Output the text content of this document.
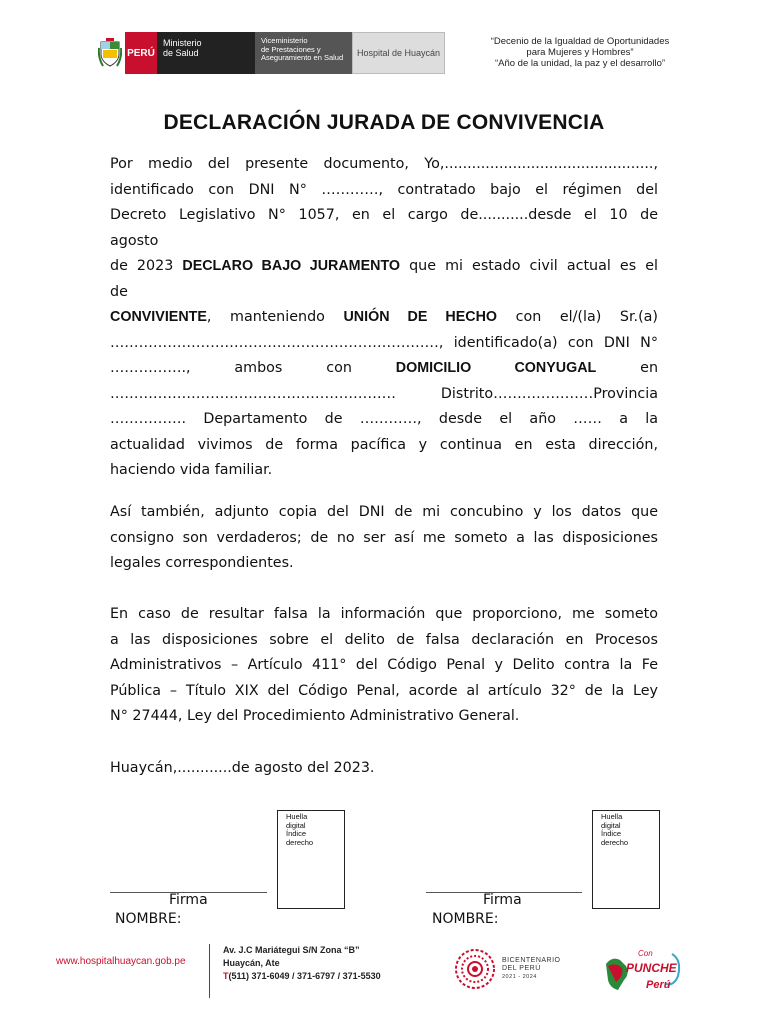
PERÚ
Ministerio
de Salud
Viceministerio
de Prestaciones y
Aseguramiento en Salud	Hospital de Huaycán
“Decenio de la Igualdad de Oportunidades
para Mujeres y Hombres”
“Año de la unidad, la paz y el desarrollo”
DECLARACIÓN JURADA DE CONVIVENCIA
Por medio del presente documento, Yo,..............................................,
identificado con DNI N° …………, contratado bajo el régimen del
Decreto Legislativo N° 1057, en el cargo de...........desde el 10 de
agosto
de 2023 DECLARO BAJO JURAMENTO que mi estado civil actual es el
de
CONVIVIENTE, manteniendo UNIÓN DE HECHO con el/(la) Sr.(a)
……………………………………………………………, identificado(a) con DNI N°
……………., ambos con DOMICILIO CONYUGAL en
…………………………………………………… Distrito…………………Provincia
……………. Departamento de …………, desde el año …… a la
actualidad vivimos de forma pacífica y continua en esta dirección,
haciendo vida familiar.
Así también, adjunto copia del DNI de mi concubino y los datos que
consigno son verdaderos; de no ser así me someto a las disposiciones
legales correspondientes.
En caso de resultar falsa la información que proporciono, me someto
a las disposiciones sobre el delito de falsa declaración en Procesos
Administrativos – Artículo 411° del Código Penal y Delito contra la Fe
Pública – Título XIX del Código Penal, acorde al artículo 32° de la Ley
N° 27444, Ley del Procedimiento Administrativo General.
Huaycán,............de agosto del 2023.
Huella
digital
Índice
derecho
Huella
digital
Índice
derecho
Firma	Firma
NOMBRE:	NOMBRE:
www.hospitalhuaycan.gob.pe
Av. J.C Mariátegui S/N Zona “B”
Huaycán, Ate
T(511) 371-6049 / 371-6797 / 371-5530
BICENTENARIO
DEL PERÚ
2021 - 2024
Con
PUNCHE
Perú
